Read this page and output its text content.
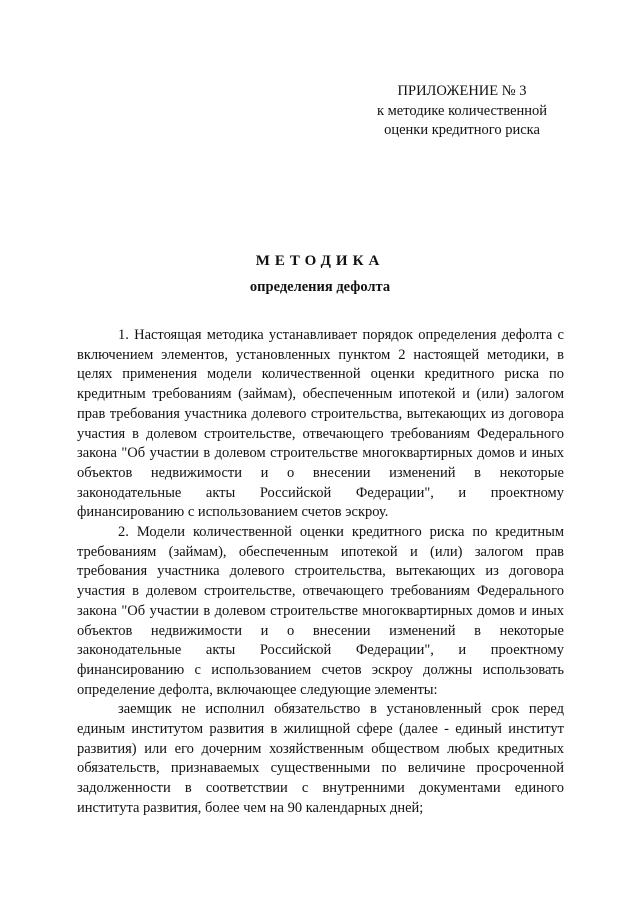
ПРИЛОЖЕНИЕ № 3
к методике количественной
оценки кредитного риска
МЕТОДИКА
определения дефолта

1. Настоящая методика устанавливает порядок определения дефолта с включением элементов, установленных пунктом 2 настоящей методики, в целях применения модели количественной оценки кредитного риска по кредитным требованиям (займам), обеспеченным ипотекой и (или) залогом прав требования участника долевого строительства, вытекающих из договора участия в долевом строительстве, отвечающего требованиям Федерального закона "Об участии в долевом строительстве многоквартирных домов и иных объектов недвижимости и о внесении изменений в некоторые законодательные акты Российской Федерации", и проектному финансированию с использованием счетов эскроу.

2. Модели количественной оценки кредитного риска по кредитным требованиям (займам), обеспеченным ипотекой и (или) залогом прав требования участника долевого строительства, вытекающих из договора участия в долевом строительстве, отвечающего требованиям Федерального закона "Об участии в долевом строительстве многоквартирных домов и иных объектов недвижимости и о внесении изменений в некоторые законодательные акты Российской Федерации", и проектному финансированию с использованием счетов эскроу должны использовать определение дефолта, включающее следующие элементы:

заемщик не исполнил обязательство в установленный срок перед единым институтом развития в жилищной сфере (далее - единый институт развития) или его дочерним хозяйственным обществом любых кредитных обязательств, признаваемых существенными по величине просроченной задолженности в соответствии с внутренними документами единого института развития, более чем на 90 календарных дней;
